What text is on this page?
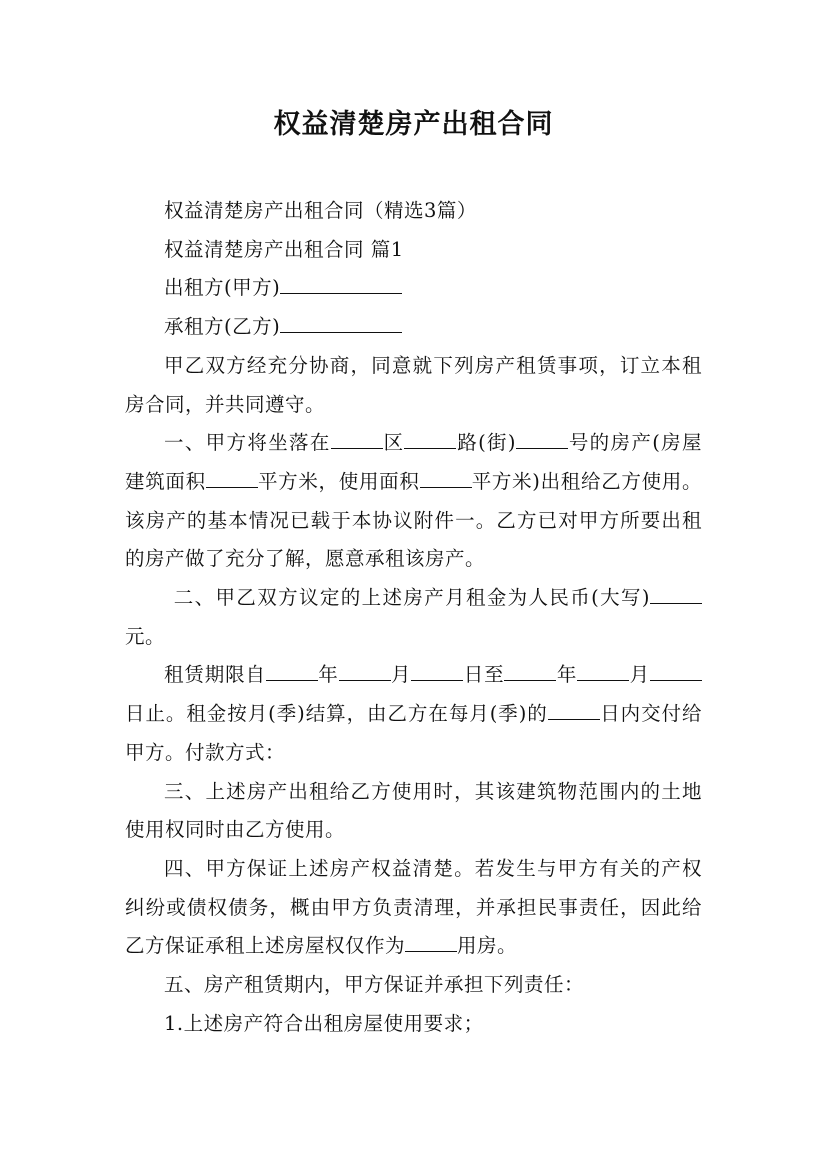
权益清楚房产出租合同

权益清楚房产出租合同（精选3篇）

权益清楚房产出租合同 篇1

出租方(甲方)

承租方(乙方)

甲乙双方经充分协商，同意就下列房产租赁事项，订立本租房合同，并共同遵守。

一、甲方将坐落在	区	路(街)	号的房产(房屋建筑面积	平方米，使用面积	平方米)出租给乙方使用。该房产的基本情况已载于本协议附件一。乙方已对甲方所要出租的房产做了充分了解，愿意承租该房产。

二、甲乙双方议定的上述房产月租金为人民币(大写)元。

租赁期限自	年	月	日至	年	月日止。租金按月(季)结算，由乙方在每月(季)的	日内交付给甲方。付款方式：

三、上述房产出租给乙方使用时，其该建筑物范围内的土地使用权同时由乙方使用。

四、甲方保证上述房产权益清楚。若发生与甲方有关的产权纠纷或债权债务，概由甲方负责清理，并承担民事责任，因此给乙方保证承租上述房屋权仅作为	用房。

五、房产租赁期内，甲方保证并承担下列责任：

1.上述房产符合出租房屋使用要求；
